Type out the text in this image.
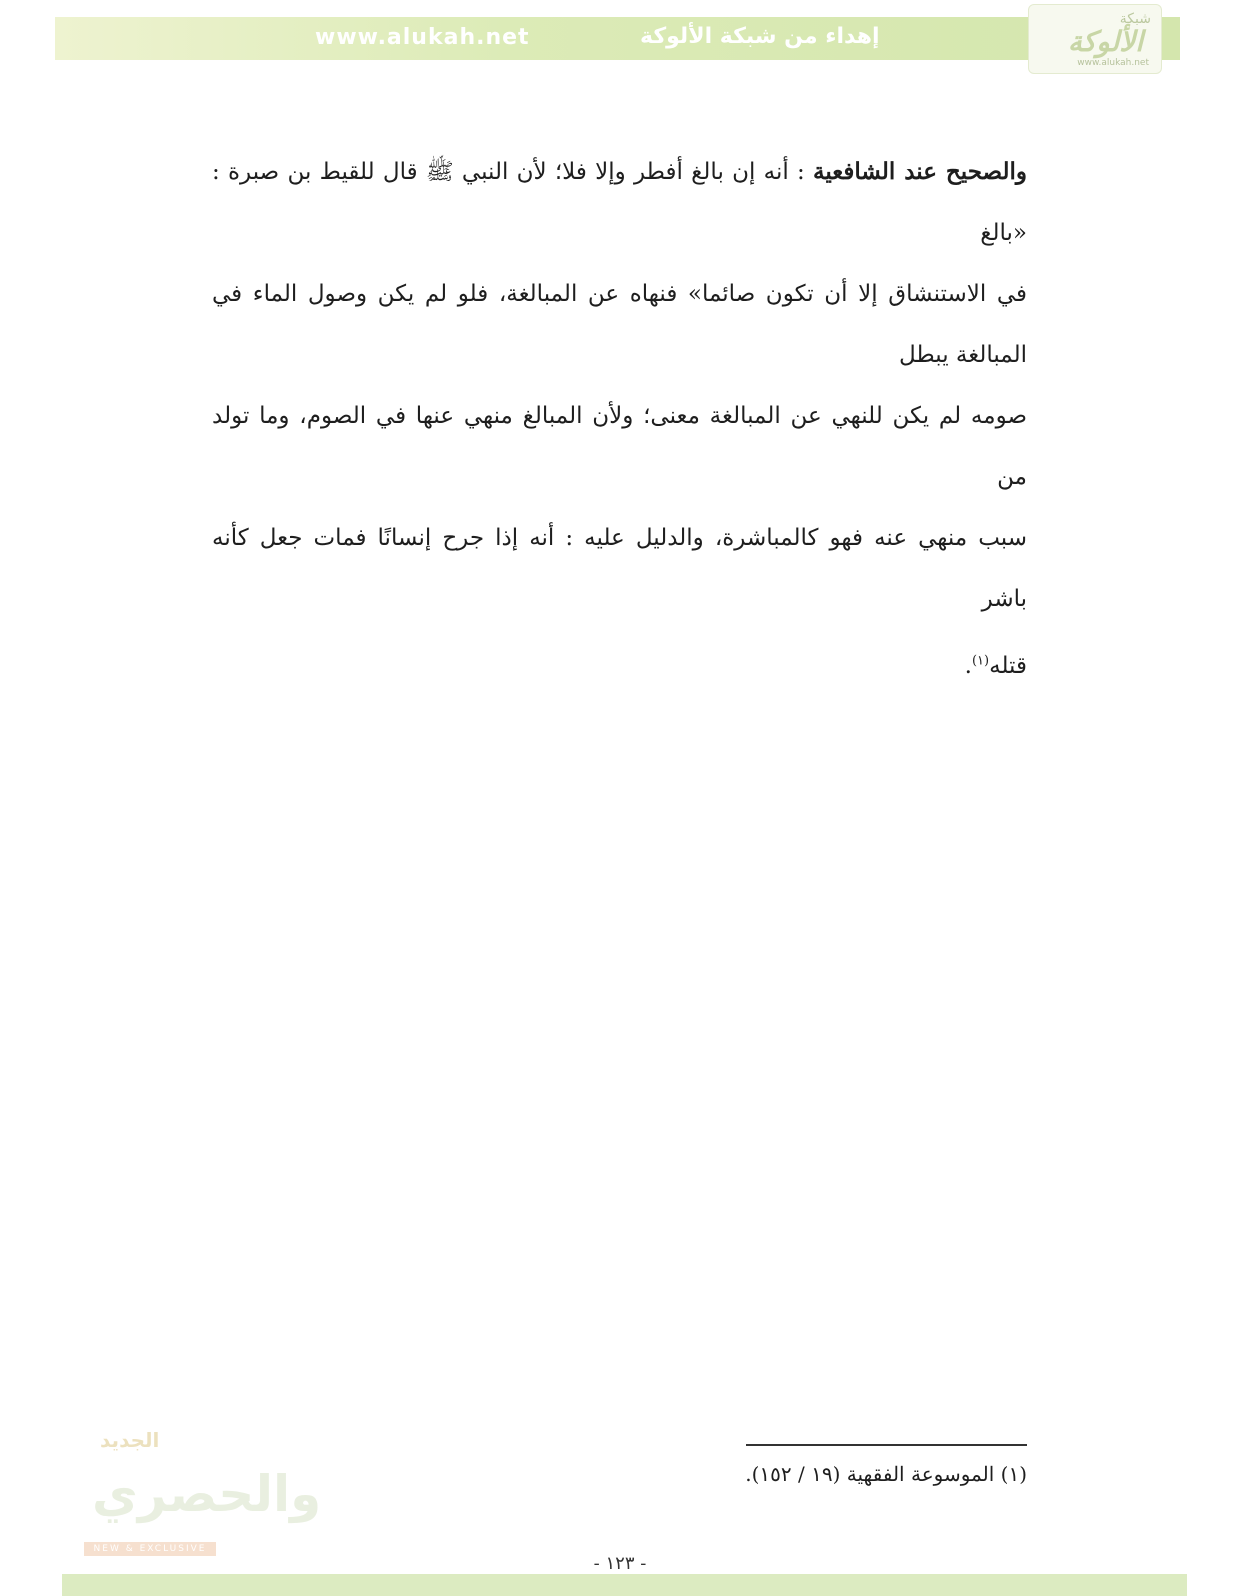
www.alukah.net	إهداء من شبكة الألوكة
شبكة
الألوكة
www.alukah.net
والصحيح عند الشافعية : أنه إن بالغ أفطر وإلا فلا؛ لأن النبي ﷺ قال للقيط بن صبرة : «بالغ
في الاستنشاق إلا أن تكون صائما» فنهاه عن المبالغة، فلو لم يكن وصول الماء في المبالغة يبطل
صومه لم يكن للنهي عن المبالغة معنى؛ ولأن المبالغ منهي عنها في الصوم، وما تولد من
سبب منهي عنه فهو كالمباشرة، والدليل عليه : أنه إذا جرح إنسانًا فمات جعل كأنه باشر
قتله$^{(١)}$.
(١) الموسوعة الفقهية (١٩ / ١٥٢).
الجديد
والحصري
NEW & EXCLUSIVE
- ١٢٣ -
